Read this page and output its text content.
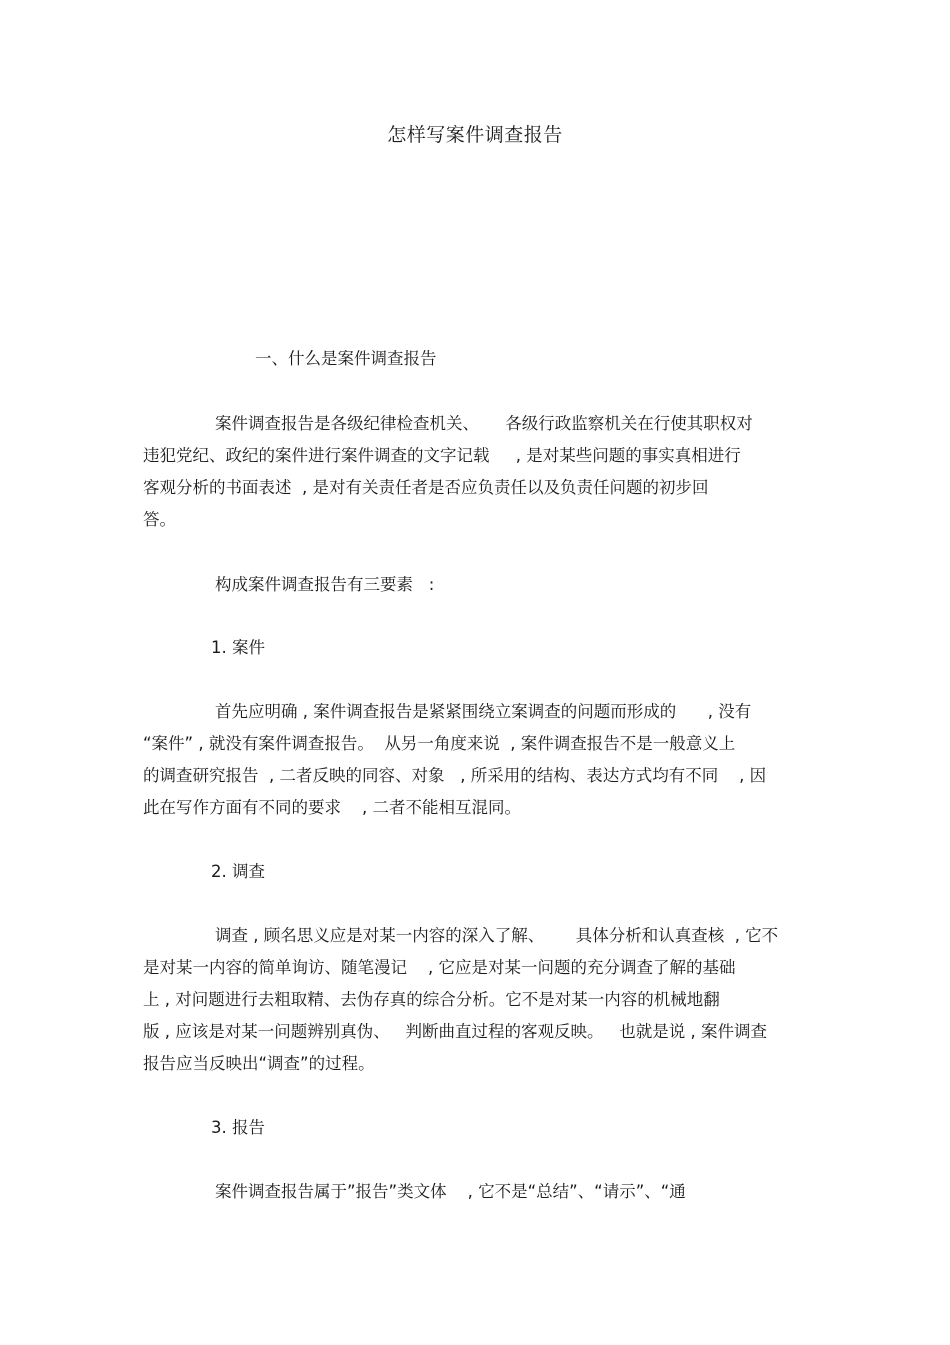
怎样写案件调查报告
一、什么是案件调查报告
案件调查报告是各级纪律检查机关、     各级行政监察机关在行使其职权对
违犯党纪、政纪的案件进行案件调查的文字记载     , 是对某些问题的事实真相进行
客观分析的书面表述  , 是对有关责任者是否应负责任以及负责任问题的初步回
答。
构成案件调查报告有三要素   :
1. 案件
首先应明确 , 案件调查报告是紧紧围绕立案调查的问题而形成的      , 没有
“案件” , 就没有案件调查报告。  从另一角度来说  , 案件调查报告不是一般意义上
的调查研究报告  , 二者反映的同容、对象   , 所采用的结构、表达方式均有不同    , 因
此在写作方面有不同的要求    , 二者不能相互混同。
2. 调查
调查 , 顾名思义应是对某一内容的深入了解、      具体分析和认真查核  , 它不
是对某一内容的简单询访、随笔漫记    , 它应是对某一问题的充分调查了解的基础
上 , 对问题进行去粗取精、去伪存真的综合分析。它不是对某一内容的机械地翻
版 , 应该是对某一问题辨别真伪、   判断曲直过程的客观反映。   也就是说 , 案件调查
报告应当反映出“调查”的过程。
3. 报告
案件调查报告属于”报告”类文体    , 它不是“总结”、“请示”、“通
